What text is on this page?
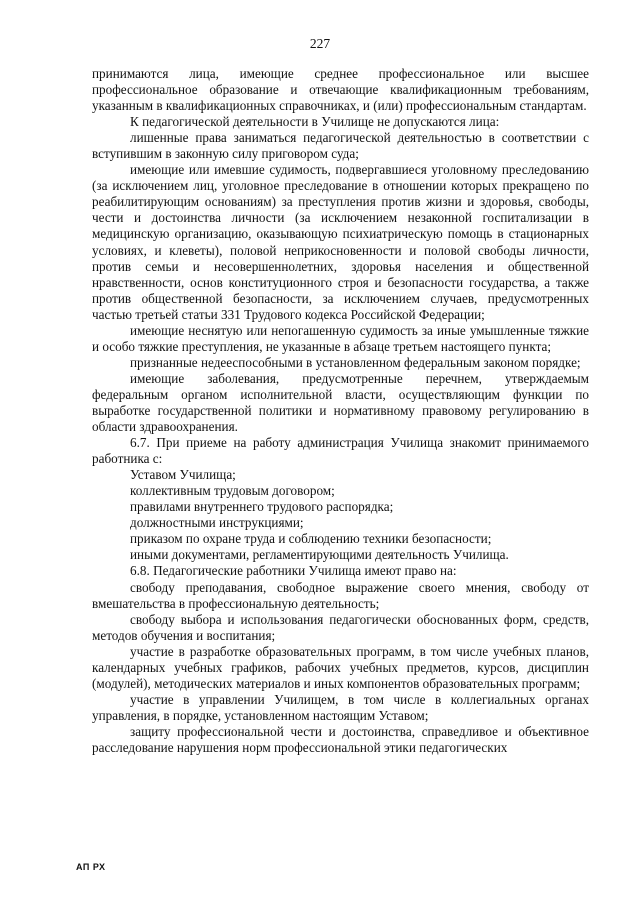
227

принимаются лица, имеющие среднее профессиональное или высшее профессиональное образование и отвечающие квалификационным требованиям, указанным в квалификационных справочниках, и (или) профессиональным стандартам.

К педагогической деятельности в Училище не допускаются лица:

лишенные права заниматься педагогической деятельностью в соответствии с вступившим в законную силу приговором суда;

имеющие или имевшие судимость, подвергавшиеся уголовному преследованию (за исключением лиц, уголовное преследование в отношении которых прекращено по реабилитирующим основаниям) за преступления против жизни и здоровья, свободы, чести и достоинства личности (за исключением незаконной госпитализации в медицинскую организацию, оказывающую психиатрическую помощь в стационарных условиях, и клеветы), половой неприкосновенности и половой свободы личности, против семьи и несовершеннолетних, здоровья населения и общественной нравственности, основ конституционного строя и безопасности государства, а также против общественной безопасности, за исключением случаев, предусмотренных частью третьей статьи 331 Трудового кодекса Российской Федерации;

имеющие неснятую или непогашенную судимость за иные умышленные тяжкие и особо тяжкие преступления, не указанные в абзаце третьем настоящего пункта;

признанные недееспособными в установленном федеральным законом порядке;

имеющие заболевания, предусмотренные перечнем, утверждаемым федеральным органом исполнительной власти, осуществляющим функции по выработке государственной политики и нормативному правовому регулированию в области здравоохранения.

6.7. При приеме на работу администрация Училища знакомит принимаемого работника с:

Уставом Училища;

коллективным трудовым договором;

правилами внутреннего трудового распорядка;

должностными инструкциями;

приказом по охране труда и соблюдению техники безопасности;

иными документами, регламентирующими деятельность Училища.

6.8. Педагогические работники Училища имеют право на:

свободу преподавания, свободное выражение своего мнения, свободу от вмешательства в профессиональную деятельность;

свободу выбора и использования педагогически обоснованных форм, средств, методов обучения и воспитания;

участие в разработке образовательных программ, в том числе учебных планов, календарных учебных графиков, рабочих учебных предметов, курсов, дисциплин (модулей), методических материалов и иных компонентов образовательных программ;

участие в управлении Училищем, в том числе в коллегиальных органах управления, в порядке, установленном настоящим Уставом;

защиту профессиональной чести и достоинства, справедливое и объективное расследование нарушения норм профессиональной этики педагогических

АП РХ
